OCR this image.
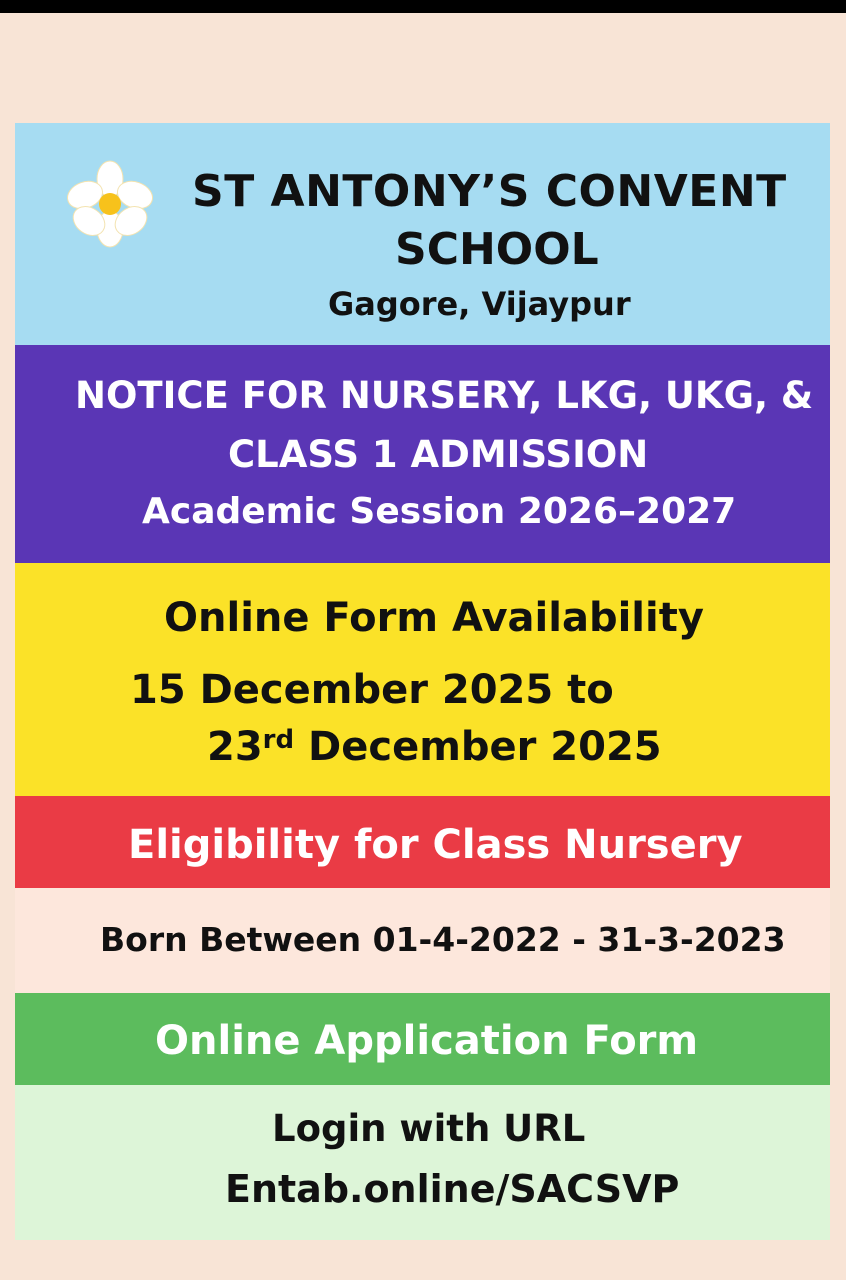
ST ANTONY’S CONVENT

SCHOOL

Gagore, Vijaypur

NOTICE FOR NURSERY, LKG, UKG, &

CLASS 1 ADMISSION

Academic Session 2026–2027

Online Form Availability

15 December 2025 to

23rd December 2025

Eligibility for Class Nursery

Born Between 01-4-2022 - 31-3-2023

Online Application Form

Login with URL

Entab.online/SACSVP
